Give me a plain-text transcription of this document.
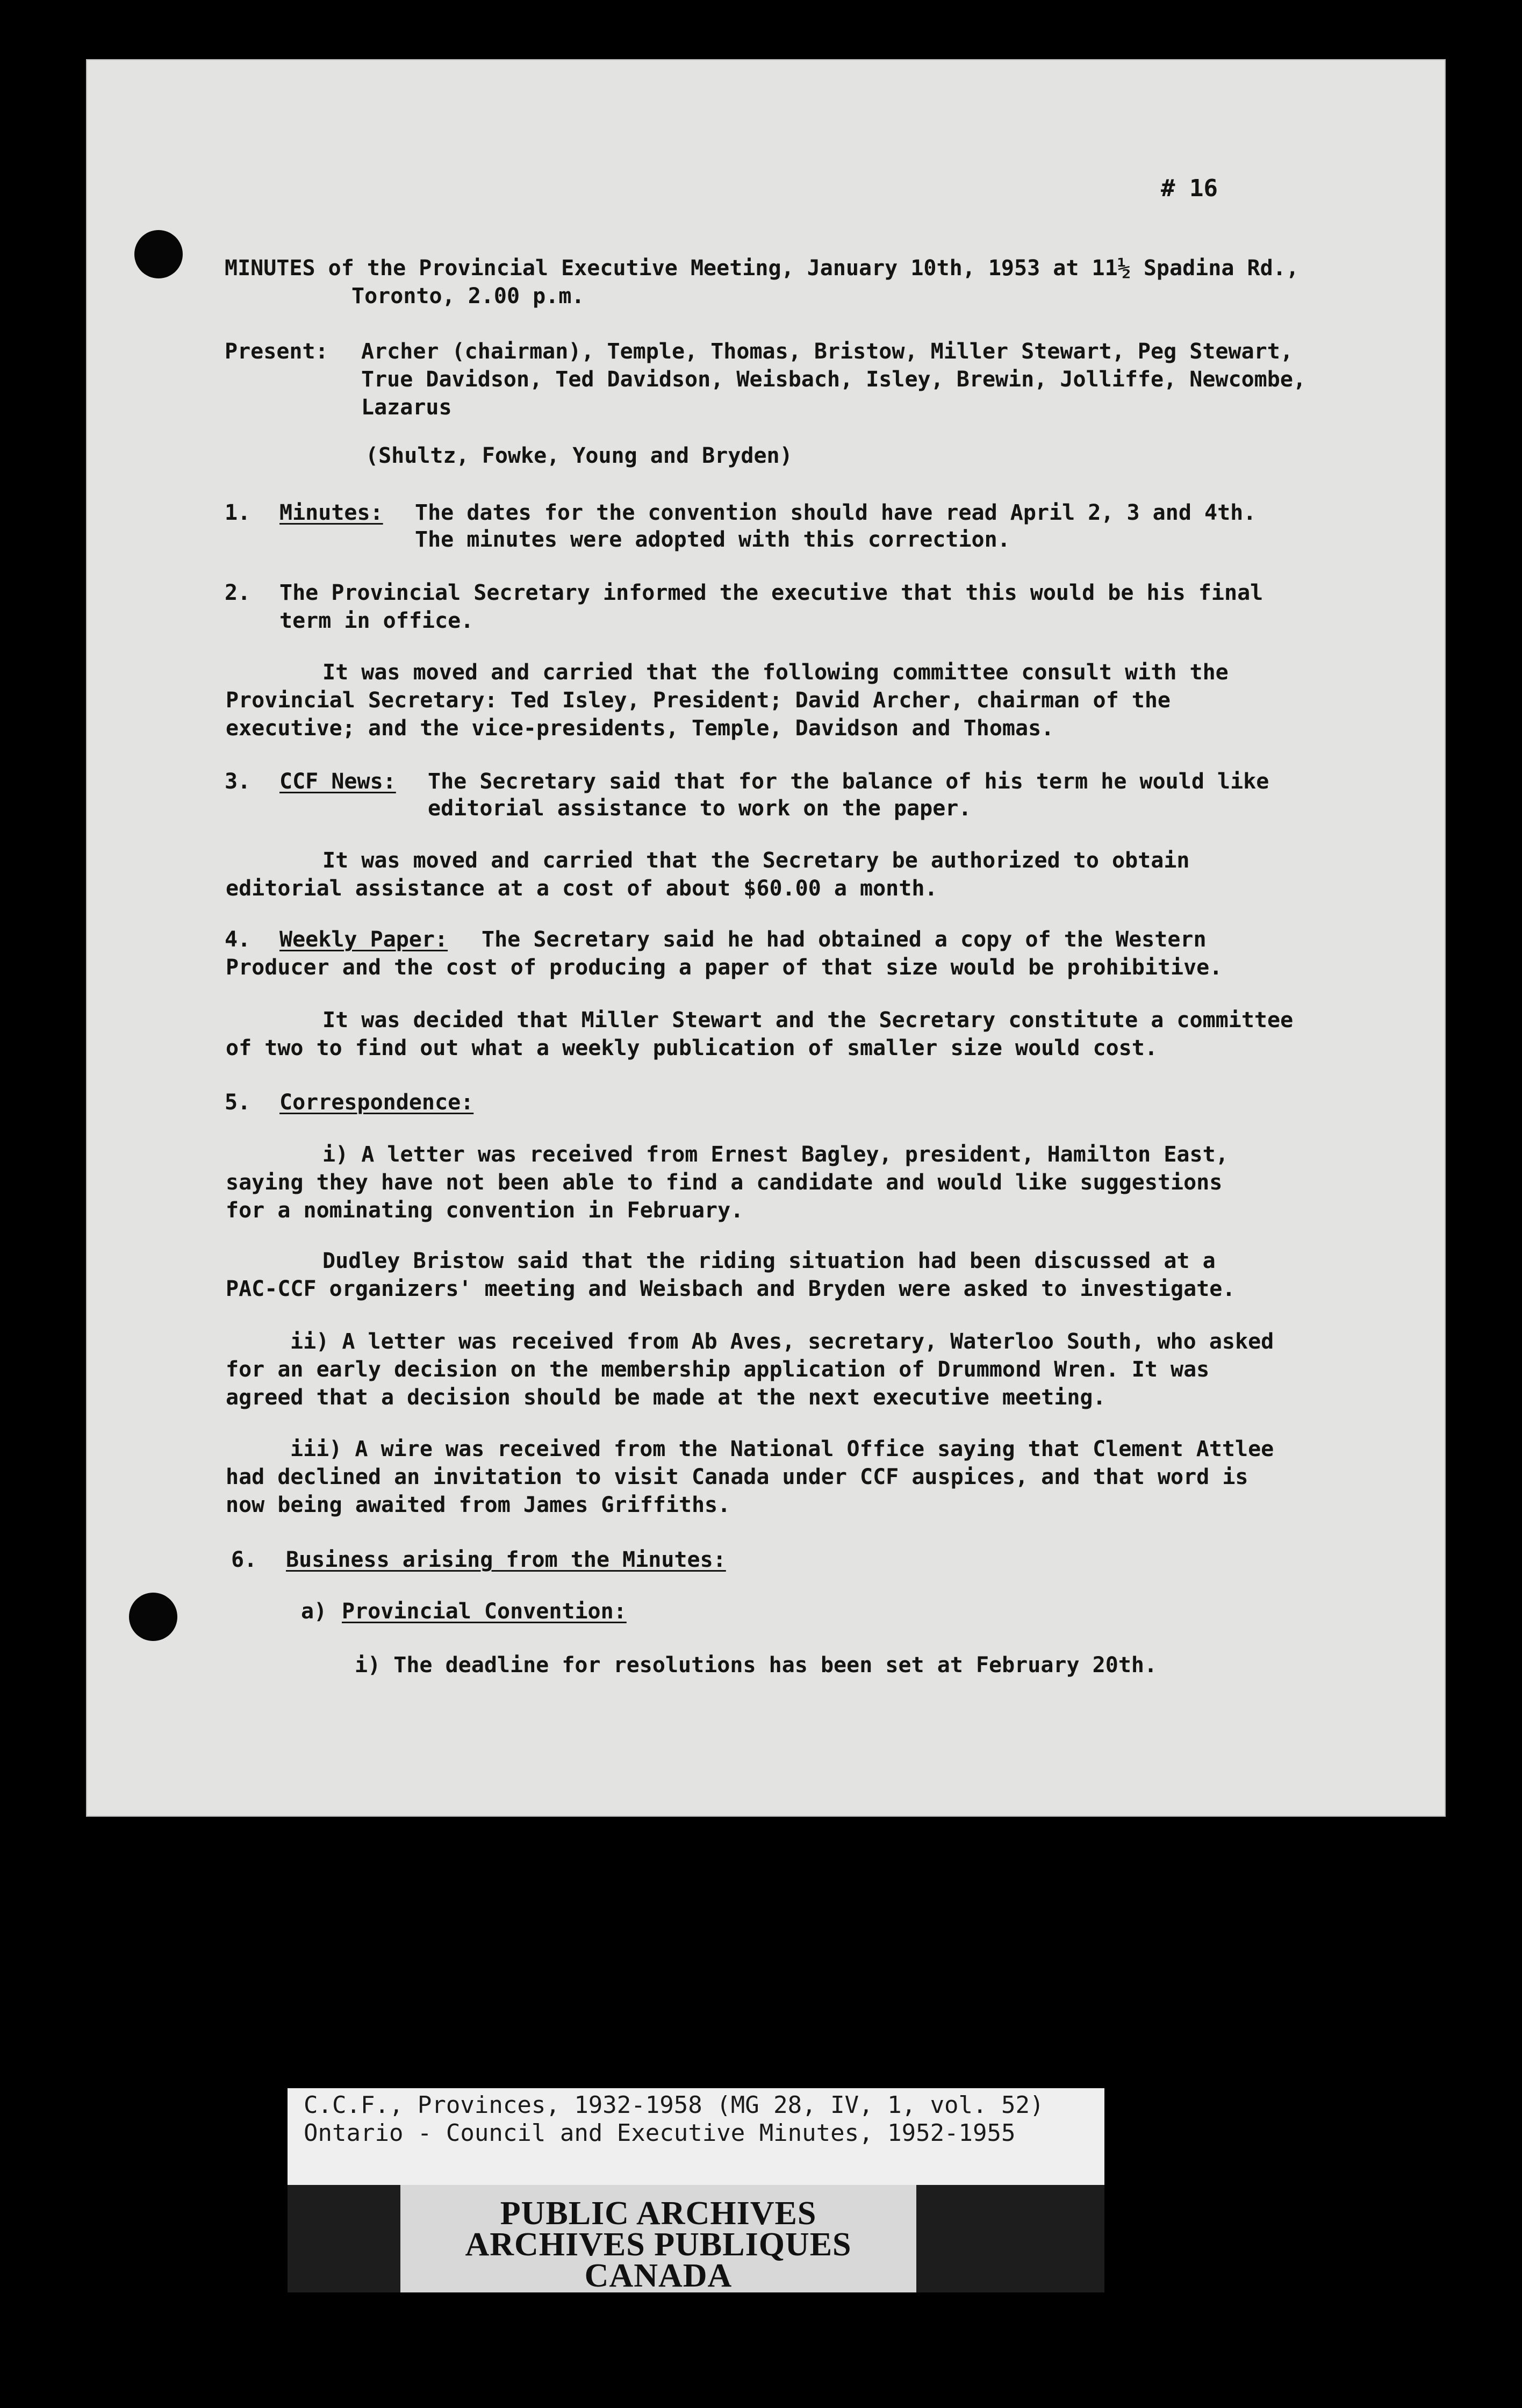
# 16
MINUTES of the Provincial Executive Meeting, January 10th, 1953 at 11½ Spadina Rd.,
Toronto, 2.00 p.m.
Present: Archer (chairman), Temple, Thomas, Bristow, Miller Stewart, Peg Stewart,
True Davidson, Ted Davidson, Weisbach, Isley, Brewin, Jolliffe, Newcombe,
Lazarus
(Shultz, Fowke, Young and Bryden)
1. Minutes: The dates for the convention should have read April 2, 3 and 4th.
The minutes were adopted with this correction.
2. The Provincial Secretary informed the executive that this would be his final
term in office.
It was moved and carried that the following committee consult with the
Provincial Secretary: Ted Isley, President; David Archer, chairman of the
executive; and the vice-presidents, Temple, Davidson and Thomas.
3. CCF News: The Secretary said that for the balance of his term he would like
editorial assistance to work on the paper.
It was moved and carried that the Secretary be authorized to obtain
editorial assistance at a cost of about $60.00 a month.
4. Weekly Paper: The Secretary said he had obtained a copy of the Western
Producer and the cost of producing a paper of that size would be prohibitive.
It was decided that Miller Stewart and the Secretary constitute a committee
of two to find out what a weekly publication of smaller size would cost.
5. Correspondence:
i) A letter was received from Ernest Bagley, president, Hamilton East,
saying they have not been able to find a candidate and would like suggestions
for a nominating convention in February.
Dudley Bristow said that the riding situation had been discussed at a
PAC-CCF organizers' meeting and Weisbach and Bryden were asked to investigate.
ii) A letter was received from Ab Aves, secretary, Waterloo South, who asked
for an early decision on the membership application of Drummond Wren. It was
agreed that a decision should be made at the next executive meeting.
iii) A wire was received from the National Office saying that Clement Attlee
had declined an invitation to visit Canada under CCF auspices, and that word is
now being awaited from James Griffiths.
6. Business arising from the Minutes:
a) Provincial Convention:
i) The deadline for resolutions has been set at February 20th.
C.C.F., Provinces, 1932-1958 (MG 28, IV, 1, vol. 52)
Ontario - Council and Executive Minutes, 1952-1955
PUBLIC ARCHIVES
ARCHIVES PUBLIQUES
CANADA
